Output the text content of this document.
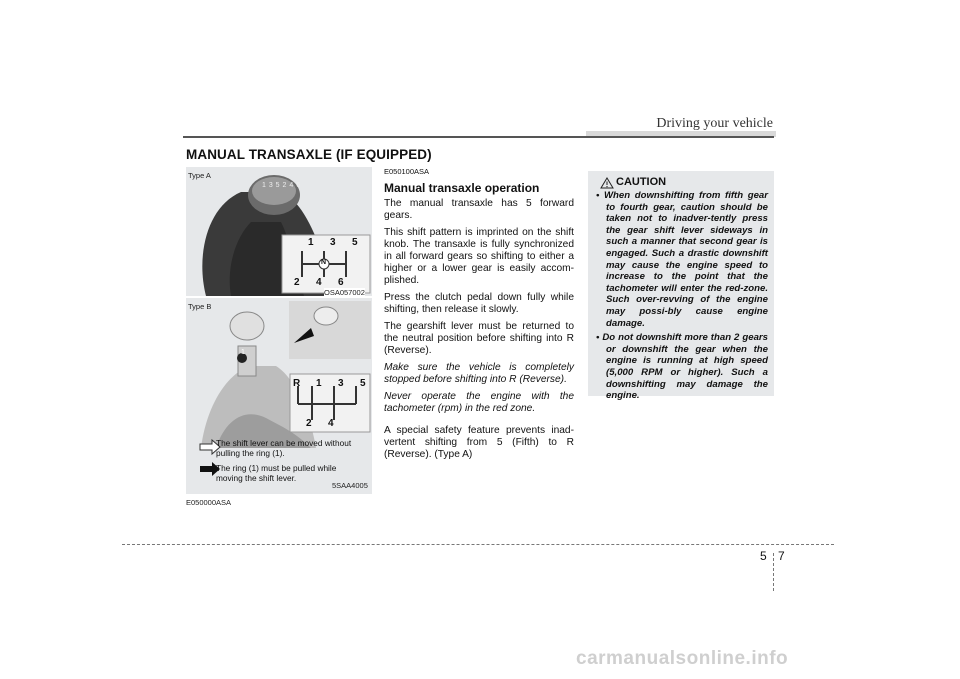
Driving your vehicle
MANUAL TRANSAXLE (IF EQUIPPED)
Type A
1 3 5 2 4 6
1 3 5
N
2 4 6
OSA057002
Type B
1
R 1 3 5
2 4
The shift lever can be moved without pulling the ring (1).
The ring (1) must be pulled while moving the shift lever.
5SAA4005
E050000ASA

E050100ASA

Manual transaxle operation

The manual transaxle has 5 forward gears.

This shift pattern is imprinted on the shift knob. The transaxle is fully synchronized in all forward gears so shifting to either a higher or a lower gear is easily accom-plished.

Press the clutch pedal down fully while shifting, then release it slowly.

The gearshift lever must be returned to the neutral position before shifting into R (Reverse).

Make sure the vehicle is completely stopped before shifting into R (Reverse).

Never operate the engine with the tachometer (rpm) in the red zone.

A special safety feature prevents inad-vertent shifting from 5 (Fifth) to R (Reverse). (Type A)

CAUTION
• When downshifting from fifth gear to fourth gear, caution should be taken not to inadver-tently press the gear shift lever sideways in such a manner that second gear is engaged. Such a drastic downshift may cause the engine speed to increase to the point that the tachometer will enter the red-zone. Such over-revving of the engine may possi-bly cause engine damage.
• Do not downshift more than 2 gears or downshift the gear when the engine is running at high speed (5,000 RPM or higher). Such a downshifting may damage the engine.
5 7
carmanualsonline.info
